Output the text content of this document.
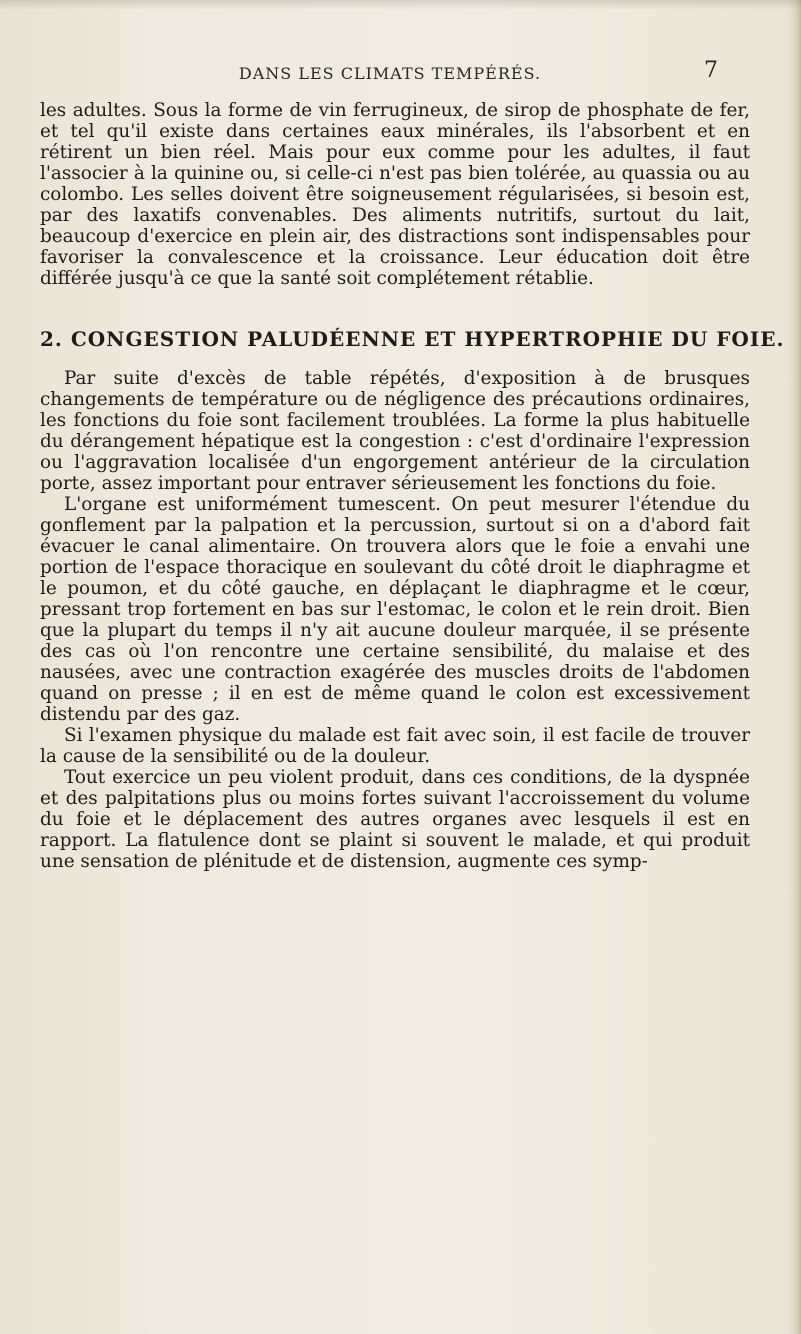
DANS LES CLIMATS TEMPÉRÉS.	7

les adultes. Sous la forme de vin ferrugineux, de sirop de phosphate de fer, et tel qu'il existe dans certaines eaux minérales, ils l'absorbent et en rétirent un bien réel. Mais pour eux comme pour les adultes, il faut l'associer à la quinine ou, si celle-ci n'est pas bien tolérée, au quassia ou au colombo. Les selles doivent être soigneusement régularisées, si besoin est, par des laxatifs convenables. Des aliments nutritifs, surtout du lait, beaucoup d'exercice en plein air, des distractions sont indispensables pour favoriser la convalescence et la croissance. Leur éducation doit être différée jusqu'à ce que la santé soit complétement rétablie.

2. CONGESTION PALUDÉENNE ET HYPERTROPHIE DU FOIE.

Par suite d'excès de table répétés, d'exposition à de brusques changements de température ou de négligence des précautions ordinaires, les fonctions du foie sont facilement troublées. La forme la plus habituelle du dérangement hépatique est la congestion : c'est d'ordinaire l'expression ou l'aggravation localisée d'un engorgement antérieur de la circulation porte, assez important pour entraver sérieusement les fonctions du foie.

L'organe est uniformément tumescent. On peut mesurer l'étendue du gonflement par la palpation et la percussion, surtout si on a d'abord fait évacuer le canal alimentaire. On trouvera alors que le foie a envahi une portion de l'espace thoracique en soulevant du côté droit le diaphragme et le poumon, et du côté gauche, en déplaçant le diaphragme et le cœur, pressant trop fortement en bas sur l'estomac, le colon et le rein droit. Bien que la plupart du temps il n'y ait aucune douleur marquée, il se présente des cas où l'on rencontre une certaine sensibilité, du malaise et des nausées, avec une contraction exagérée des muscles droits de l'abdomen quand on presse ; il en est de même quand le colon est excessivement distendu par des gaz.

Si l'examen physique du malade est fait avec soin, il est facile de trouver la cause de la sensibilité ou de la douleur.

Tout exercice un peu violent produit, dans ces conditions, de la dyspnée et des palpitations plus ou moins fortes suivant l'accroissement du volume du foie et le déplacement des autres organes avec lesquels il est en rapport. La flatulence dont se plaint si souvent le malade, et qui produit une sensation de plénitude et de distension, augmente ces symp-
